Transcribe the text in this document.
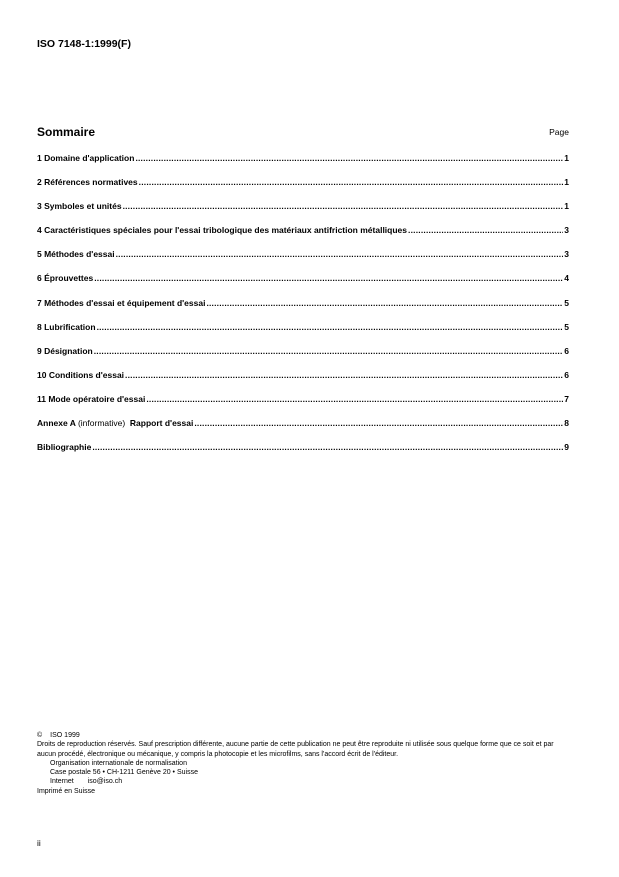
ISO 7148-1:1999(F)
Sommaire	Page
1 Domaine d'application .....	1
2 Références normatives .....	1
3 Symboles et unités .....	1
4 Caractéristiques spéciales pour l'essai tribologique des matériaux antifriction métalliques .....	3
5 Méthodes d'essai .....	3
6 Éprouvettes .....	4
7 Méthodes d'essai et équipement d'essai .....	5
8 Lubrification .....	5
9 Désignation .....	6
10 Conditions d'essai .....	6
11 Mode opératoire d'essai .....	7
Annexe A (informative) Rapport d'essai .....	8
Bibliographie .....	9
© ISO 1999
Droits de reproduction réservés. Sauf prescription différente, aucune partie de cette publication ne peut être reproduite ni utilisée sous quelque forme que ce soit et par aucun procédé, électronique ou mécanique, y compris la photocopie et les microfilms, sans l'accord écrit de l'éditeur.
Organisation internationale de normalisation
Case postale 56 • CH-1211 Genève 20 • Suisse
Internet iso@iso.ch
Imprimé en Suisse
ii
